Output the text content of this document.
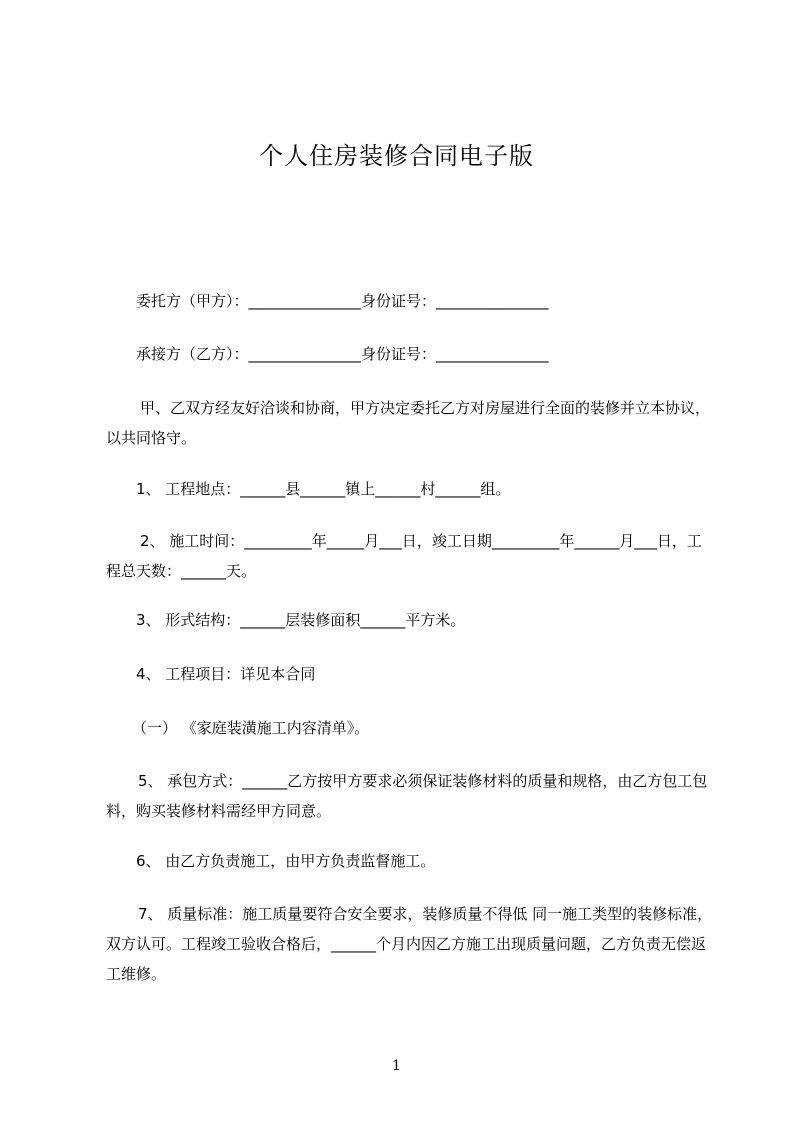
个人住房装修合同电子版
委托方（甲方）：_______________身份证号：_______________
承接方（乙方）：_______________身份证号：_______________
甲、乙双方经友好洽谈和协商，甲方决定委托乙方对房屋进行全面的装修并立本协议，以共同恪守。
1、 工程地点：______县______镇上______村______组。
2、 施工时间：_________年_____月___日，竣工日期_________年______月___日，工程总天数：______天。
3、 形式结构：______层装修面积______平方米。
4、 工程项目：详见本合同
（一） 《家庭装潢施工内容清单》。
5、 承包方式：______乙方按甲方要求必须保证装修材料的质量和规格，由乙方包工包料，购买装修材料需经甲方同意。
6、 由乙方负责施工，由甲方负责监督施工。
7、 质量标准：施工质量要符合安全要求，装修质量不得低 同一施工类型的装修标准，双方认可。工程竣工验收合格后，______个月内因乙方施工出现质量问题，乙方负责无偿返工维修。
1
